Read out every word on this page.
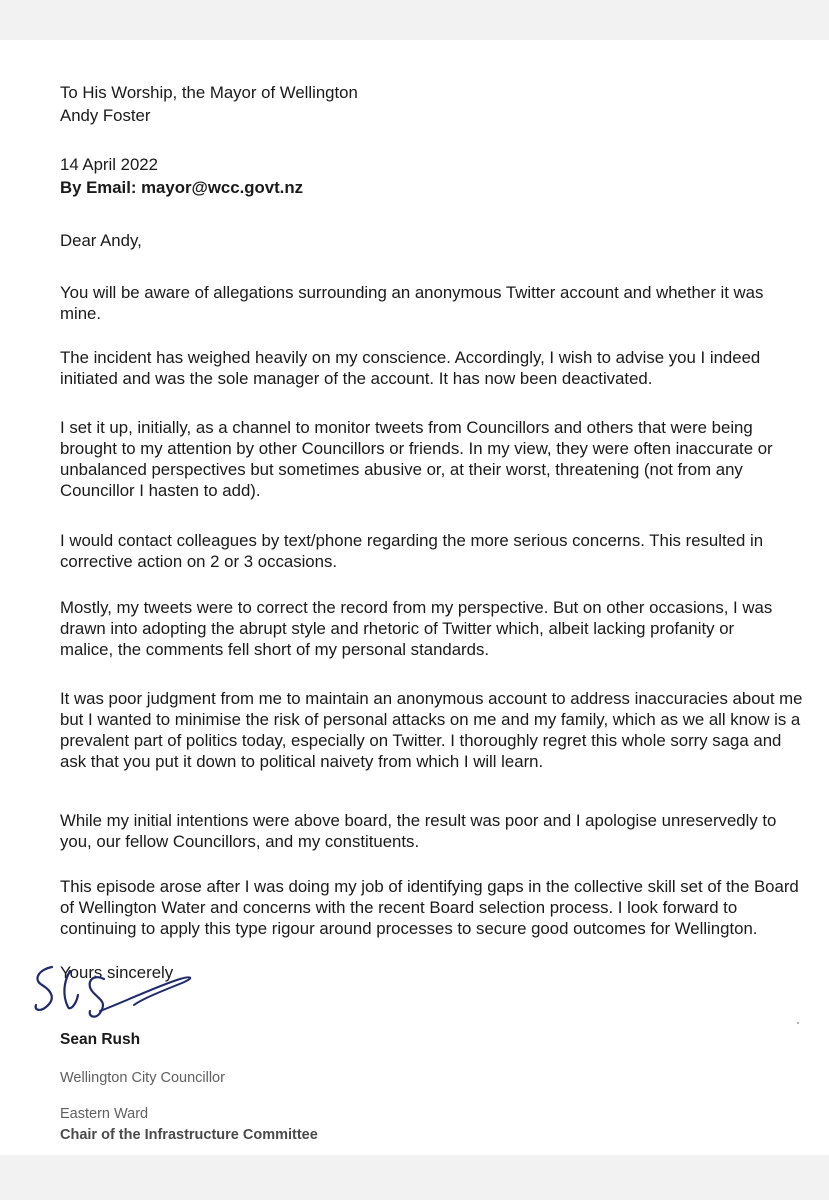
To His Worship, the Mayor of Wellington
Andy Foster
14 April 2022
By Email: mayor@wcc.govt.nz
Dear Andy,
You will be aware of allegations surrounding an anonymous Twitter account and whether it was
mine.
The incident has weighed heavily on my conscience. Accordingly, I wish to advise you I indeed
initiated and was the sole manager of the account. It has now been deactivated.
I set it up, initially, as a channel to monitor tweets from Councillors and others that were being
brought to my attention by other Councillors or friends. In my view, they were often inaccurate or
unbalanced perspectives but sometimes abusive or, at their worst, threatening (not from any
Councillor I hasten to add).
I would contact colleagues by text/phone regarding the more serious concerns. This resulted in
corrective action on 2 or 3 occasions.
Mostly, my tweets were to correct the record from my perspective. But on other occasions, I was
drawn into adopting the abrupt style and rhetoric of Twitter which, albeit lacking profanity or
malice, the comments fell short of my personal standards.
It was poor judgment from me to maintain an anonymous account to address inaccuracies about me
but I wanted to minimise the risk of personal attacks on me and my family, which as we all know is a
prevalent part of politics today, especially on Twitter. I thoroughly regret this whole sorry saga and
ask that you put it down to political naivety from which I will learn.
While my initial intentions were above board, the result was poor and I apologise unreservedly to
you, our fellow Councillors, and my constituents.
This episode arose after I was doing my job of identifying gaps in the collective skill set of the Board
of Wellington Water and concerns with the recent Board selection process. I look forward to
continuing to apply this type rigour around processes to secure good outcomes for Wellington.
Yours sincerely
Sean Rush
Wellington City Councillor
Eastern Ward
Chair of the Infrastructure Committee
